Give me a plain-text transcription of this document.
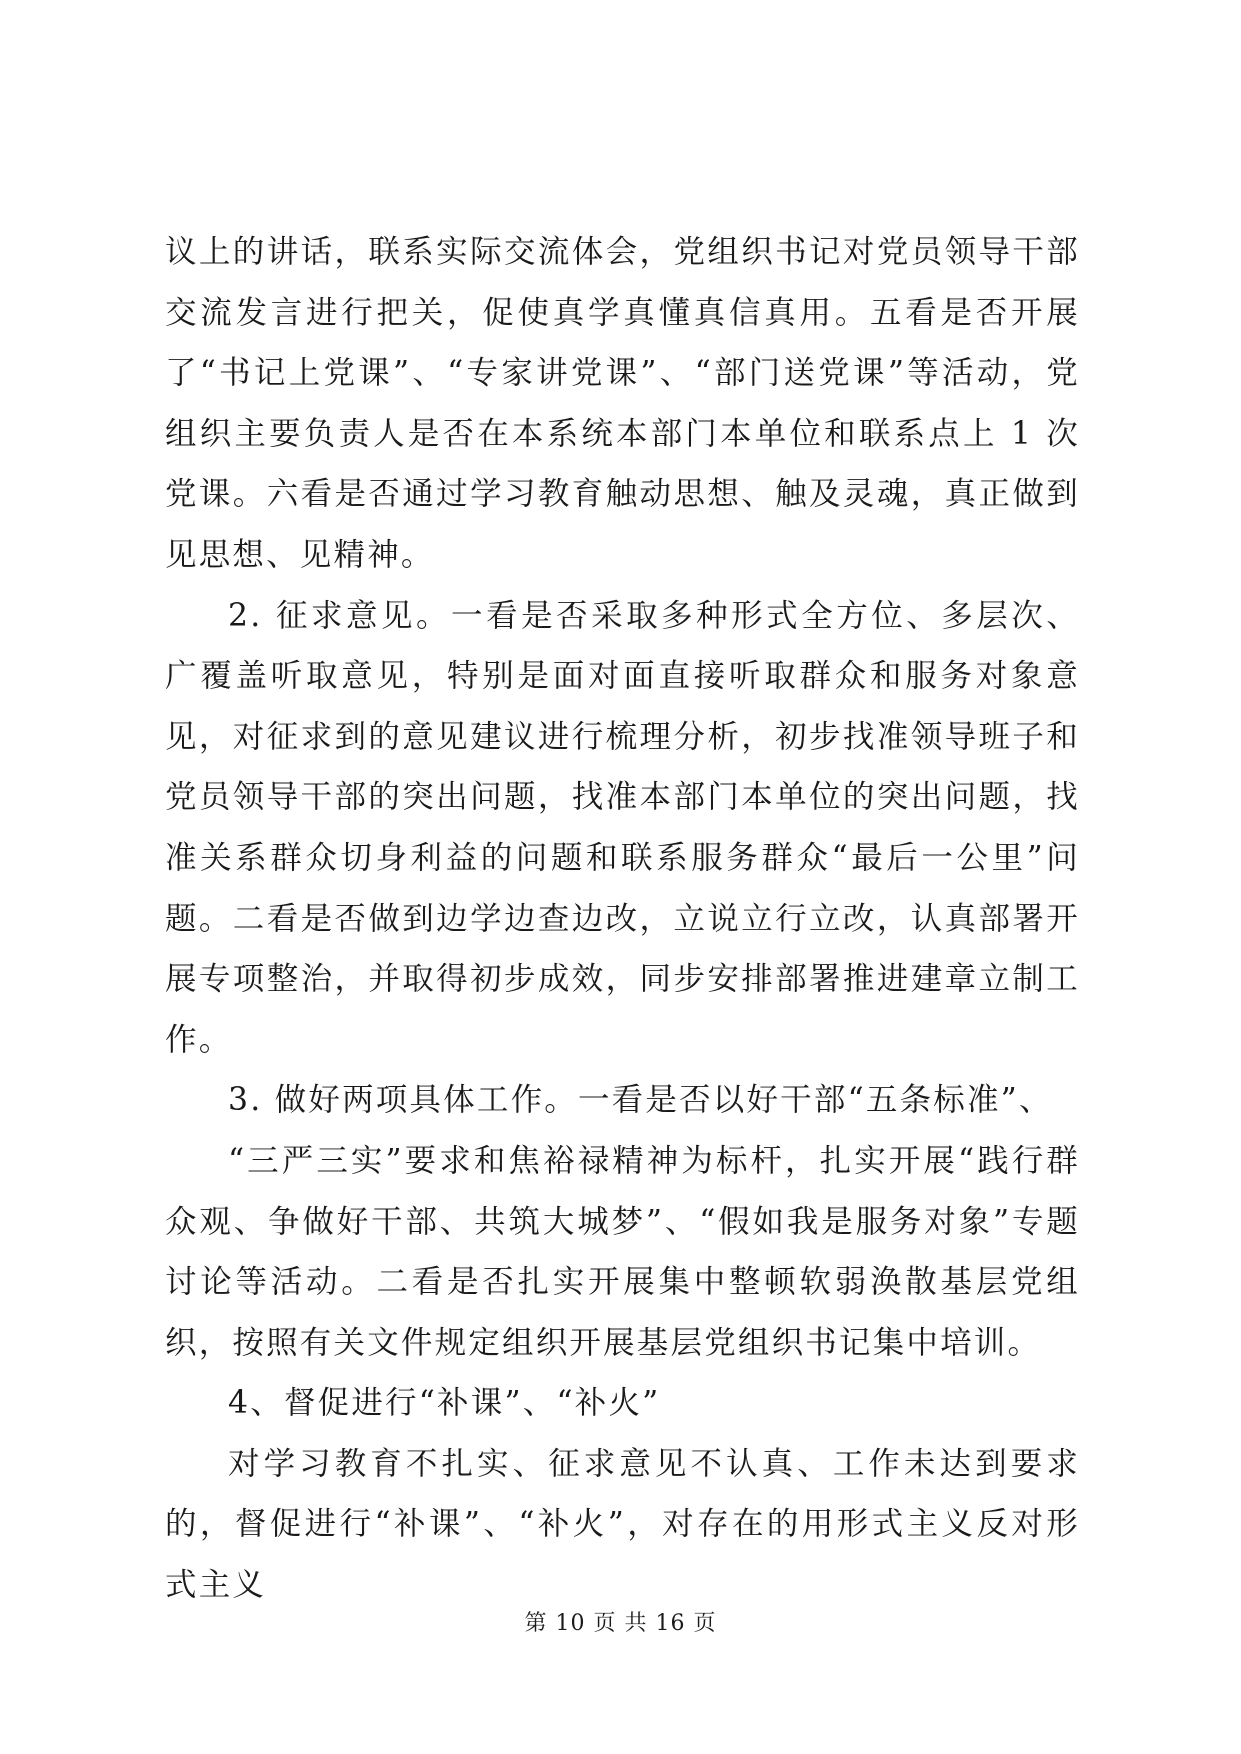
议上的讲话，联系实际交流体会，党组织书记对党员领导干部交流发言进行把关，促使真学真懂真信真用。五看是否开展了“书记上党课”、“专家讲党课”、“部门送党课”等活动，党组织主要负责人是否在本系统本部门本单位和联系点上 1 次党课。六看是否通过学习教育触动思想、触及灵魂，真正做到见思想、见精神。

2. 征求意见。一看是否采取多种形式全方位、多层次、广覆盖听取意见，特别是面对面直接听取群众和服务对象意见，对征求到的意见建议进行梳理分析，初步找准领导班子和党员领导干部的突出问题，找准本部门本单位的突出问题，找准关系群众切身利益的问题和联系服务群众“最后一公里”问题。二看是否做到边学边查边改，立说立行立改，认真部署开展专项整治，并取得初步成效，同步安排部署推进建章立制工作。

3. 做好两项具体工作。一看是否以好干部“五条标准”、

“三严三实”要求和焦裕禄精神为标杆，扎实开展“践行群众观、争做好干部、共筑大城梦”、“假如我是服务对象”专题讨论等活动。二看是否扎实开展集中整顿软弱涣散基层党组织，按照有关文件规定组织开展基层党组织书记集中培训。

4、督促进行“补课”、“补火”

对学习教育不扎实、征求意见不认真、工作未达到要求的，督促进行“补课”、“补火”，对存在的用形式主义反对形式主义

第 10 页 共 16 页
